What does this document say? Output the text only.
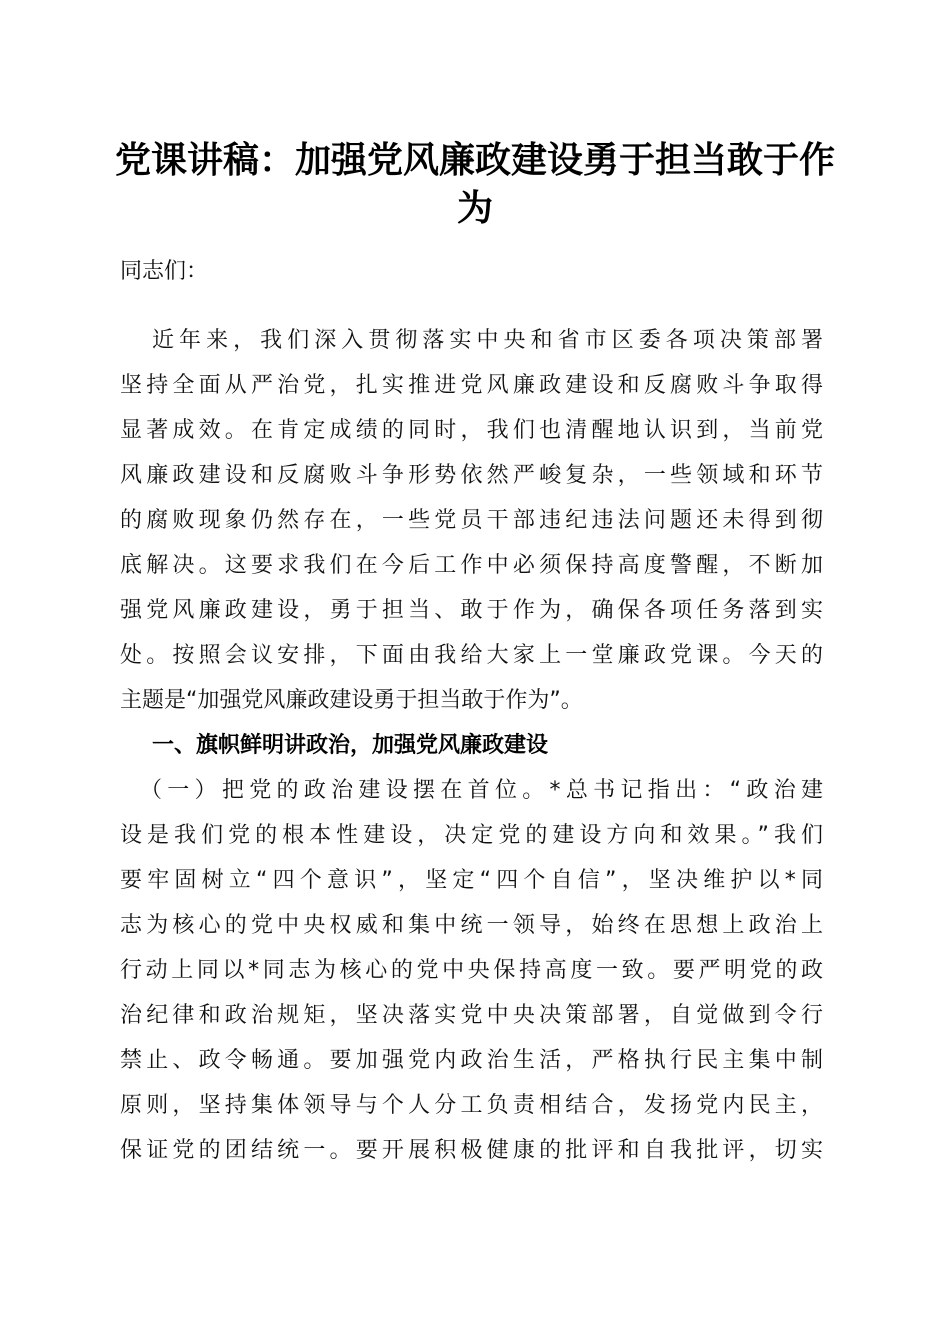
党课讲稿：加强党风廉政建设勇于担当敢于作
为
同志们：
近年来，我们深入贯彻落实中央和省市区委各项决策部署
坚持全面从严治党，扎实推进党风廉政建设和反腐败斗争取得
显著成效。在肯定成绩的同时，我们也清醒地认识到，当前党
风廉政建设和反腐败斗争形势依然严峻复杂，一些领域和环节
的腐败现象仍然存在，一些党员干部违纪违法问题还未得到彻
底解决。这要求我们在今后工作中必须保持高度警醒，不断加
强党风廉政建设，勇于担当、敢于作为，确保各项任务落到实
处。按照会议安排，下面由我给大家上一堂廉政党课。今天的
主题是“加强党风廉政建设勇于担当敢于作为”。
一、旗帜鲜明讲政治，加强党风廉政建设
（一）把党的政治建设摆在首位。*总书记指出：“政治建
设是我们党的根本性建设，决定党的建设方向和效果。”我们
要牢固树立“四个意识”，坚定“四个自信”，坚决维护以*同
志为核心的党中央权威和集中统一领导，始终在思想上政治上
行动上同以*同志为核心的党中央保持高度一致。要严明党的政
治纪律和政治规矩，坚决落实党中央决策部署，自觉做到令行
禁止、政令畅通。要加强党内政治生活，严格执行民主集中制
原则，坚持集体领导与个人分工负责相结合，发扬党内民主，
保证党的团结统一。要开展积极健康的批评和自我批评，切实
